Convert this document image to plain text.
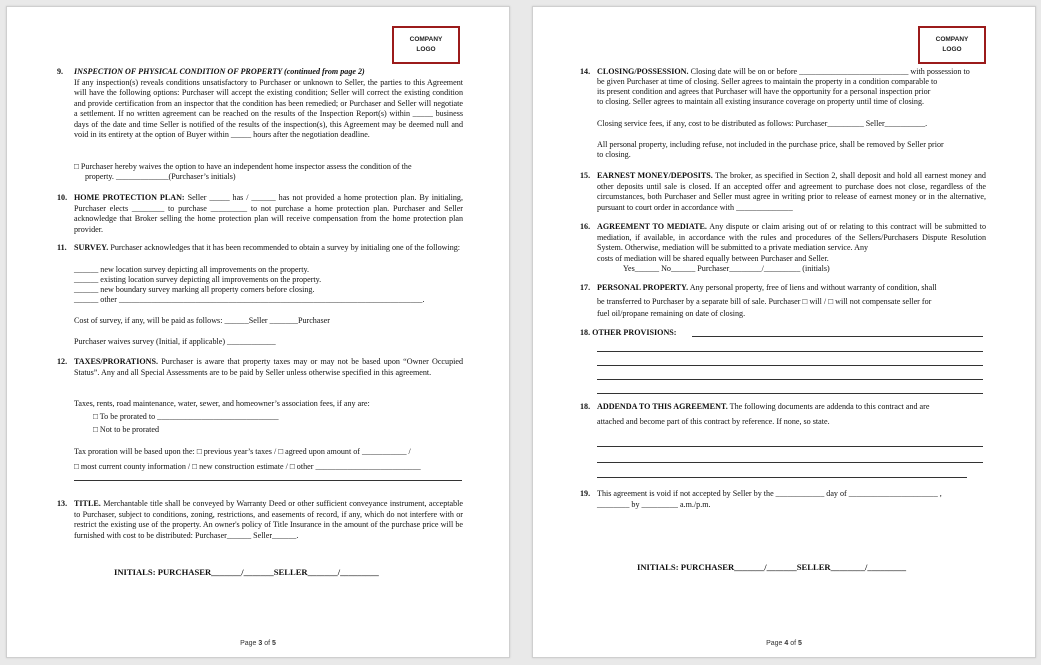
COMPANY
LOGO
9.	INSPECTION OF PHYSICAL CONDITION OF PROPERTY (continued from page 2)
If any inspection(s) reveals conditions unsatisfactory to Purchaser or unknown to Seller, the parties to this Agreement will have the following options: Purchaser will accept the existing condition; Seller will correct the existing condition and provide certification from an inspector that the condition has been remedied; or Purchaser and Seller will negotiate a settlement. If no written agreement can be reached on the results of the Inspection Report(s) within _____ business days of the date and time Seller is notified of the results of the inspection(s), this Agreement may be deemed null and void in its entirety at the option of Buyer within _____ hours after the negotiation deadline.
□ Purchaser hereby waives the option to have an independent home inspector assess the condition of the
property. _____________(Purchaser’s initials)
10. HOME PROTECTION PLAN: Seller _____ has / ______ has not provided a home protection plan. By initialing, Purchaser elects ________ to purchase _________ to not purchase a home protection plan. Purchaser and Seller acknowledge that Broker selling the home protection plan will receive compensation from the home protection plan provider.
11. SURVEY. Purchaser acknowledges that it has been recommended to obtain a survey by initialing one of the following:
______ new location survey depicting all improvements on the property.
______ existing location survey depicting all improvements on the property.
______ new boundary survey marking all property corners before closing.
______ other ___________________________________________________________________________.
Cost of survey, if any, will be paid as follows: ______Seller _______Purchaser
Purchaser waives survey (Initial, if applicable) ____________
12. TAXES/PRORATIONS. Purchaser is aware that property taxes may or may not be based upon “Owner Occupied Status”. Any and all Special Assessments are to be paid by Seller unless otherwise specified in this agreement.
Taxes, rents, road maintenance, water, sewer, and homeowner’s association fees, if any are:
□ To be prorated to ______________________________
□ Not to be prorated
Tax proration will be based upon the: □ previous year’s taxes / □ agreed upon amount of ___________ /
□ most current county information / □ new construction estimate / □ other __________________________
13. TITLE. Merchantable title shall be conveyed by Warranty Deed or other sufficient conveyance instrument, acceptable to Purchaser, subject to conditions, zoning, restrictions, and easements of record, if any, which do not interfere with or restrict the existing use of the property. An owner's policy of Title Insurance in the amount of the purchase price will be furnished with cost to be distributed: Purchaser______ Seller______.
INITIALS: PURCHASER_______/_______SELLER_______/_________
Page 3 of 5
COMPANY
LOGO
14. CLOSING/POSSESSION. Closing date will be on or before ___________________________ with possession to
be given Purchaser at time of closing. Seller agrees to maintain the property in a condition comparable to
its present condition and agrees that Purchaser will have the opportunity for a personal inspection prior
to closing. Seller agrees to maintain all existing insurance coverage on property until time of closing.
Closing service fees, if any, cost to be distributed as follows: Purchaser_________ Seller__________.
All personal property, including refuse, not included in the purchase price, shall be removed by Seller prior
to closing.
15. EARNEST MONEY/DEPOSITS. The broker, as specified in Section 2, shall deposit and hold all earnest money and other deposits until sale is closed. If an accepted offer and agreement to purchase does not close, regardless of the circumstances, both Purchaser and Seller must agree in writing prior to release of earnest money or in the alternative, pursuant to court order in accordance with ______________
16. AGREEMENT TO MEDIATE. Any dispute or claim arising out of or relating to this contract will be submitted to mediation, if available, in accordance with the rules and procedures of the Sellers/Purchasers Dispute Resolution System. Otherwise, mediation will be submitted to a private mediation service. Any
costs of mediation will be shared equally between Purchaser and Seller.
Yes______ No______ Purchaser________/_________ (initials)
17. PERSONAL PROPERTY. Any personal property, free of liens and without warranty of condition, shall
be transferred to Purchaser by a separate bill of sale. Purchaser □ will / □ will not compensate seller for
fuel oil/propane remaining on date of closing.
18. OTHER PROVISIONS:
18. ADDENDA TO THIS AGREEMENT. The following documents are addenda to this contract and are
attached and become part of this contract by reference. If none, so state.
19. This agreement is void if not accepted by Seller by the ____________ day of ______________________ ,
________ by _________ a.m./p.m.
INITIALS: PURCHASER_______/_______SELLER________/_________
Page 4 of 5
